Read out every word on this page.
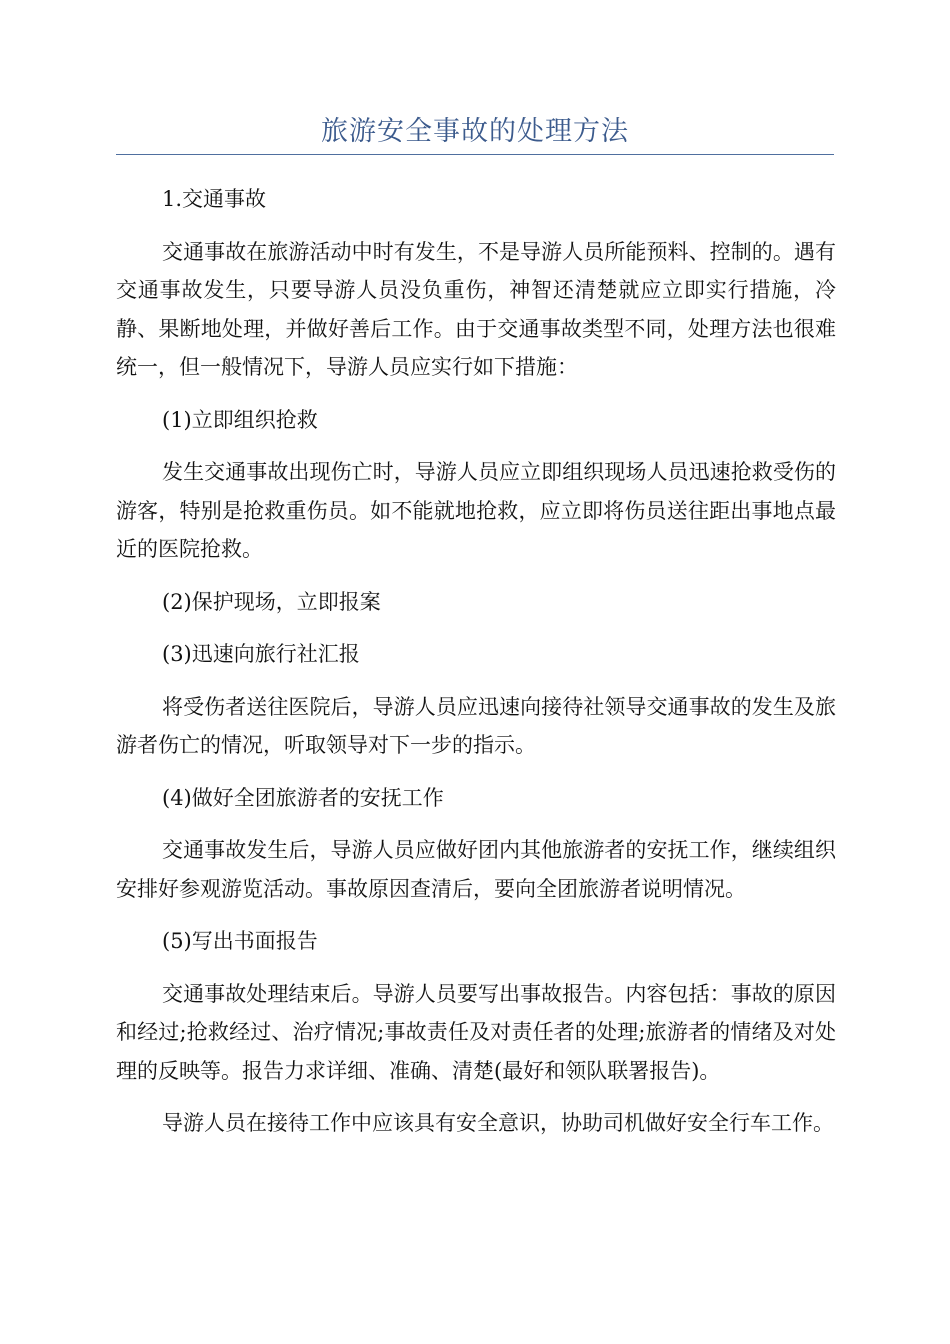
旅游安全事故的处理方法
1.交通事故
交通事故在旅游活动中时有发生，不是导游人员所能预料、控制的。遇有交通事故发生，只要导游人员没负重伤，神智还清楚就应立即实行措施，冷静、果断地处理，并做好善后工作。由于交通事故类型不同，处理方法也很难统一，但一般情况下，导游人员应实行如下措施：
(1)立即组织抢救
发生交通事故出现伤亡时，导游人员应立即组织现场人员迅速抢救受伤的游客，特别是抢救重伤员。如不能就地抢救，应立即将伤员送往距出事地点最近的医院抢救。
(2)保护现场，立即报案
(3)迅速向旅行社汇报
将受伤者送往医院后，导游人员应迅速向接待社领导交通事故的发生及旅游者伤亡的情况，听取领导对下一步的指示。
(4)做好全团旅游者的安抚工作
交通事故发生后，导游人员应做好团内其他旅游者的安抚工作，继续组织安排好参观游览活动。事故原因查清后，要向全团旅游者说明情况。
(5)写出书面报告
交通事故处理结束后。导游人员要写出事故报告。内容包括：事故的原因和经过;抢救经过、治疗情况;事故责任及对责任者的处理;旅游者的情绪及对处理的反映等。报告力求详细、准确、清楚(最好和领队联署报告)。
导游人员在接待工作中应该具有安全意识，协助司机做好安全行车工作。
